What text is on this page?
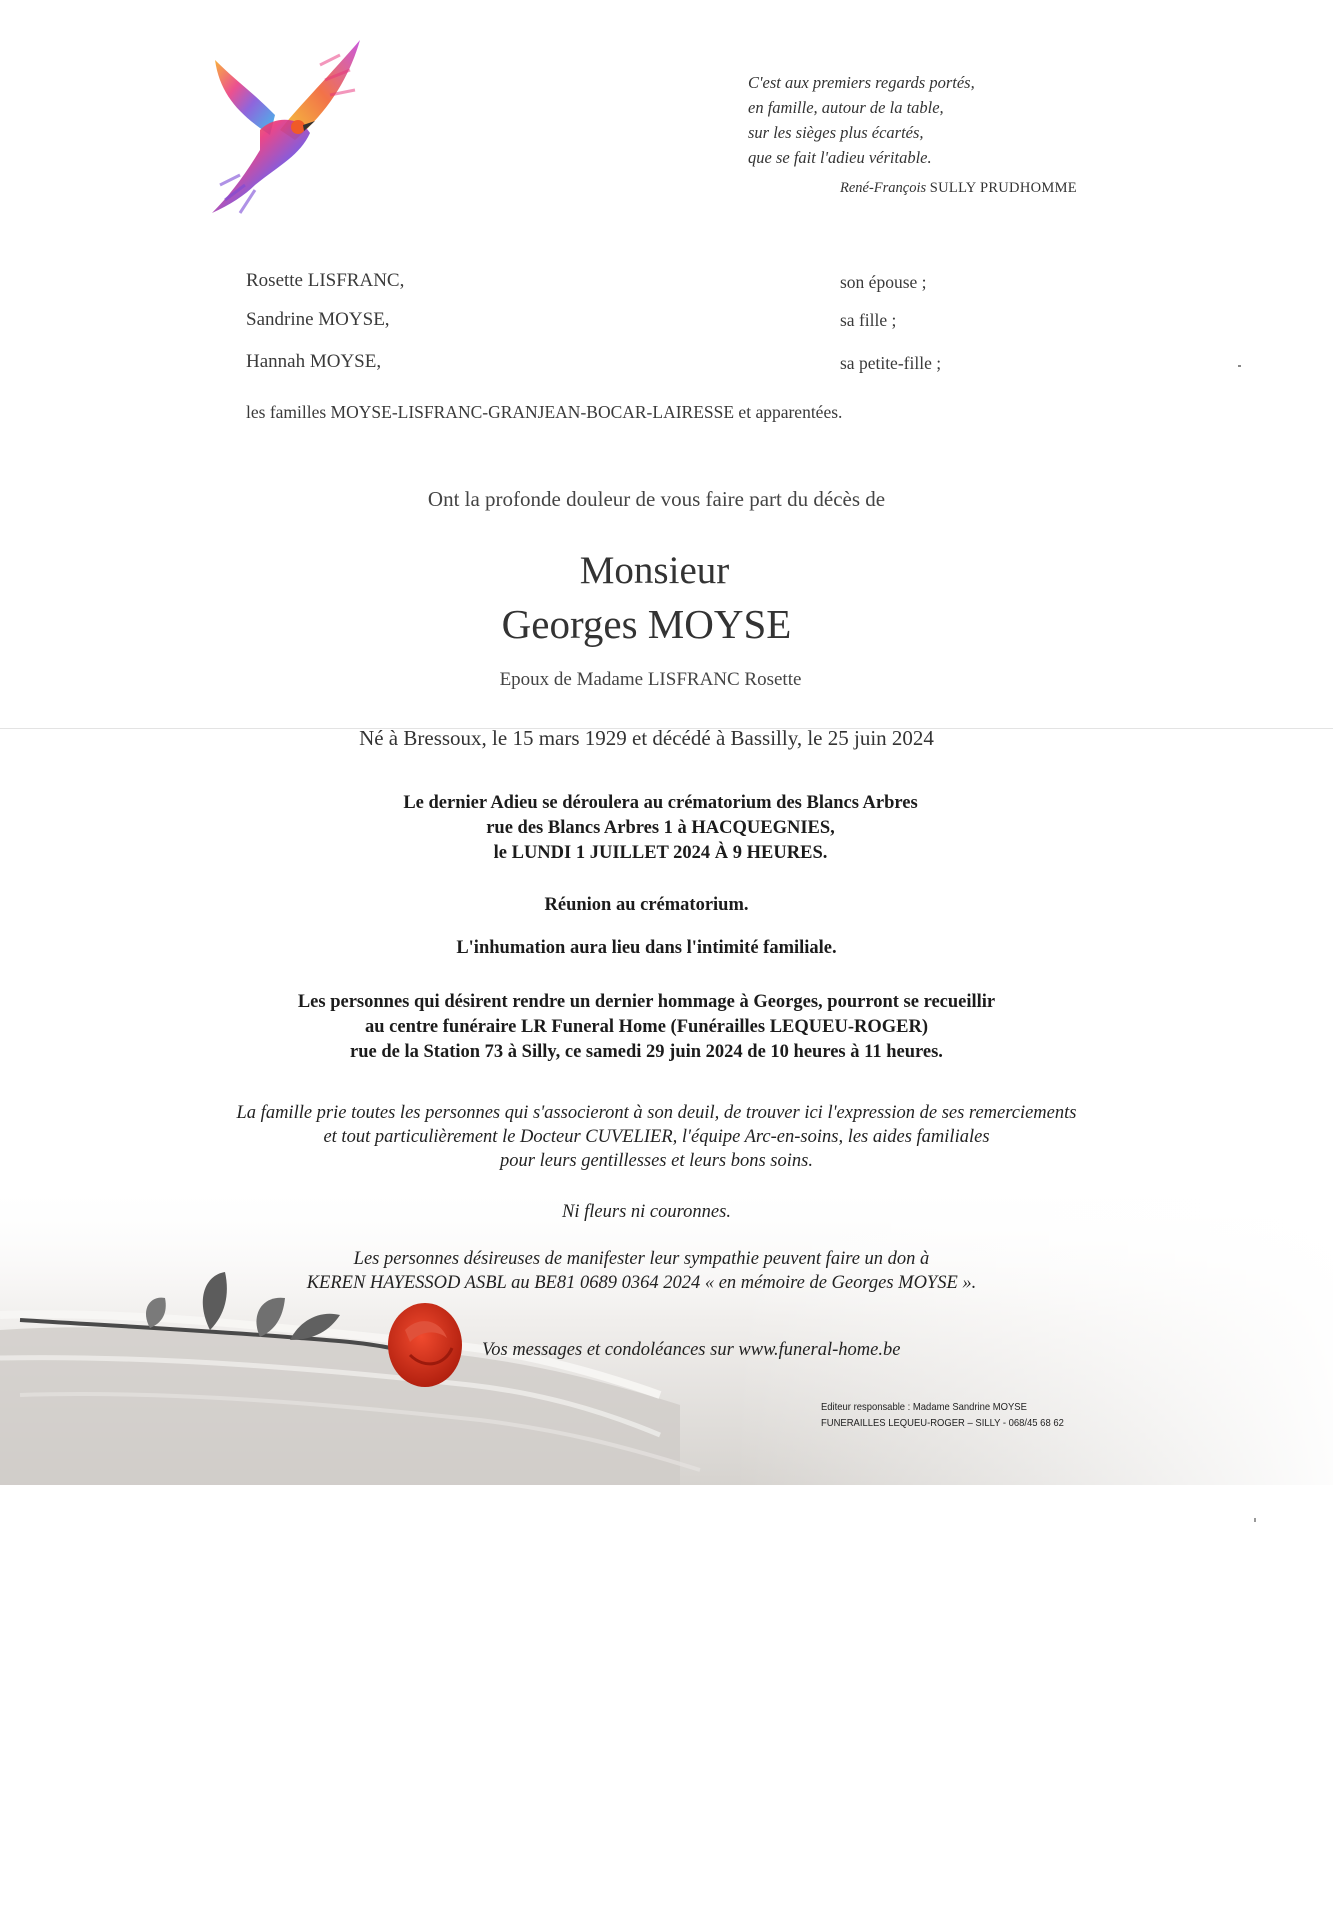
C'est aux premiers regards portés,
en famille, autour de la table,
sur les sièges plus écartés,
que se fait l'adieu véritable.
René-François SULLY PRUDHOMME
Rosette LISFRANC,	son épouse ;
Sandrine MOYSE,	sa fille ;
Hannah MOYSE,	sa petite-fille ;
les familles MOYSE-LISFRANC-GRANJEAN-BOCAR-LAIRESSE et apparentées.
Ont la profonde douleur de vous faire part du décès de
Monsieur
Georges MOYSE
Epoux de Madame LISFRANC Rosette
Né à Bressoux, le 15 mars 1929 et décédé à Bassilly, le 25 juin 2024
Le dernier Adieu se déroulera au crématorium des Blancs Arbres
rue des Blancs Arbres 1 à HACQUEGNIES,
le LUNDI 1 JUILLET 2024 À 9 HEURES.
Réunion au crématorium.
L'inhumation aura lieu dans l'intimité familiale.
Les personnes qui désirent rendre un dernier hommage à Georges, pourront se recueillir
au centre funéraire LR Funeral Home (Funérailles LEQUEU-ROGER)
rue de la Station 73 à Silly, ce samedi 29 juin 2024 de 10 heures à 11 heures.
La famille prie toutes les personnes qui s'associeront à son deuil, de trouver ici l'expression de ses remerciements
et tout particulièrement le Docteur CUVELIER, l'équipe Arc-en-soins, les aides familiales
pour leurs gentillesses et leurs bons soins.
Ni fleurs ni couronnes.
Les personnes désireuses de manifester leur sympathie peuvent faire un don à
KEREN HAYESSOD ASBL au BE81 0689 0364 2024 « en mémoire de Georges MOYSE ».
Vos messages et condoléances sur www.funeral-home.be
Editeur responsable : Madame Sandrine MOYSE
FUNERAILLES LEQUEU-ROGER – SILLY - 068/45 68 62
